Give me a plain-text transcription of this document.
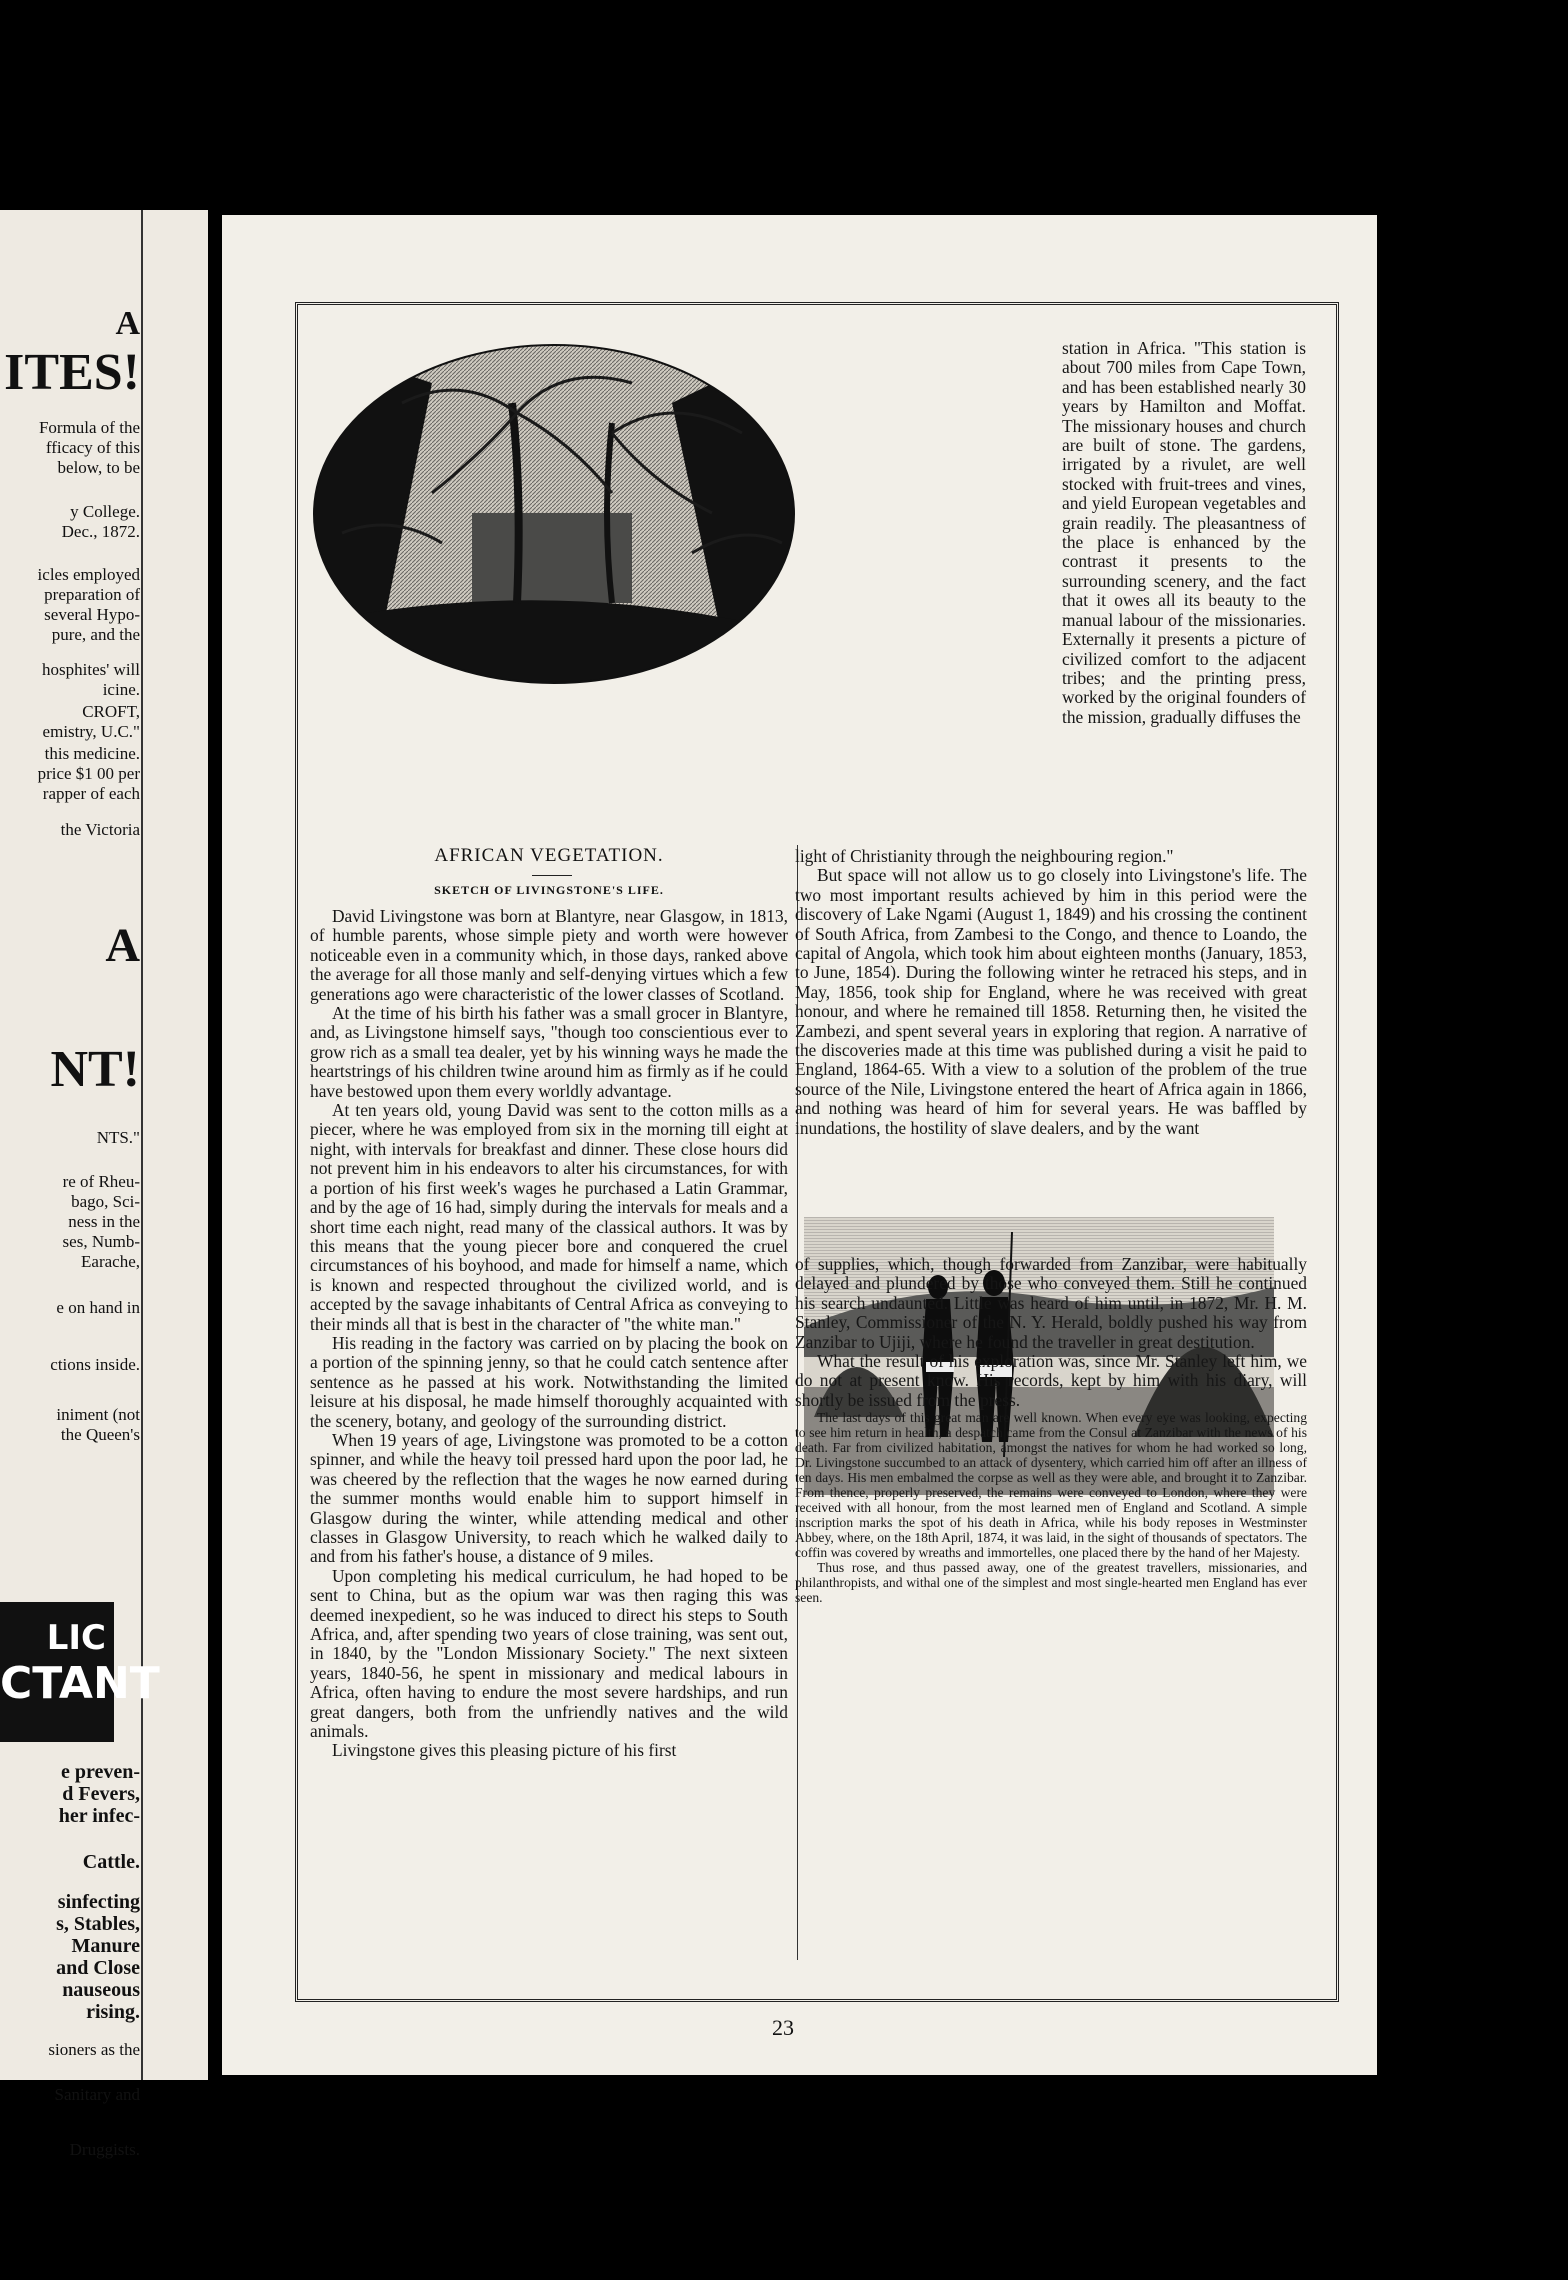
A
ITES!
Formula of the
fficacy of this
below, to be
y College.
Dec., 1872.
icles employed
preparation of
several Hypo-
pure, and the
hosphites' will
icine.
CROFT,
emistry, U.C."
this medicine.
price $1 00 per
rapper of each
the Victoria
A
NT!
NTS."
re of Rheu-
bago, Sci-
ness in the
ses, Numb-
Earache,
e on hand in
ctions inside.
iniment (not
the Queen's
e preven-
d Fevers,
her infec-
Cattle.
sinfecting
s, Stables,
Manure
and Close
nauseous
rising.
sioners as the
Sanitary and
Druggists.
LIC
CTANT
AFRICAN VEGETATION.
SKETCH OF LIVINGSTONE'S LIFE.

David Livingstone was born at Blantyre, near Glasgow, in 1813, of humble parents, whose simple piety and worth were however noticeable even in a community which, in those days, ranked above the average for all those manly and self-denying virtues which a few generations ago were characteristic of the lower classes of Scotland.

At the time of his birth his father was a small grocer in Blantyre, and, as Livingstone himself says, "though too conscientious ever to grow rich as a small tea dealer, yet by his winning ways he made the heartstrings of his children twine around him as firmly as if he could have bestowed upon them every worldly advantage.

At ten years old, young David was sent to the cotton mills as a piecer, where he was employed from six in the morning till eight at night, with intervals for breakfast and dinner. These close hours did not prevent him in his endeavors to alter his circumstances, for with a portion of his first week's wages he purchased a Latin Grammar, and by the age of 16 had, simply during the intervals for meals and a short time each night, read many of the classical authors. It was by this means that the young piecer bore and conquered the cruel circumstances of his boyhood, and made for himself a name, which is known and respected throughout the civilized world, and is accepted by the savage inhabitants of Central Africa as conveying to their minds all that is best in the character of "the white man."

His reading in the factory was carried on by placing the book on a portion of the spinning jenny, so that he could catch sentence after sentence as he passed at his work. Notwithstanding the limited leisure at his disposal, he made himself thoroughly acquainted with the scenery, botany, and geology of the surrounding district.

When 19 years of age, Livingstone was promoted to be a cotton spinner, and while the heavy toil pressed hard upon the poor lad, he was cheered by the reflection that the wages he now earned during the summer months would enable him to support himself in Glasgow during the winter, while attending medical and other classes in Glasgow University, to reach which he walked daily to and from his father's house, a distance of 9 miles.

Upon completing his medical curriculum, he had hoped to be sent to China, but as the opium war was then raging this was deemed inexpedient, so he was induced to direct his steps to South Africa, and, after spending two years of close training, was sent out, in 1840, by the "London Missionary Society." The next sixteen years, 1840-56, he spent in missionary and medical labours in Africa, often having to endure the most severe hardships, and run great dangers, both from the unfriendly natives and the wild animals.

Livingstone gives this pleasing picture of his first

station in Africa. "This station is about 700 miles from Cape Town, and has been established nearly 30 years by Hamilton and Moffat. The missionary houses and church are built of stone. The gardens, irrigated by a rivulet, are well stocked with fruit-trees and vines, and yield European vegetables and grain readily. The pleasantness of the place is enhanced by the contrast it presents to the surrounding scenery, and the fact that it owes all its beauty to the manual labour of the missionaries. Externally it presents a picture of civilized comfort to the adjacent tribes; and the printing press, worked by the original founders of the mission, gradually diffuses the

light of Christianity through the neighbouring region."

But space will not allow us to go closely into Livingstone's life. The two most important results achieved by him in this period were the discovery of Lake Ngami (August 1, 1849) and his crossing the continent of South Africa, from Zambesi to the Congo, and thence to Loando, the capital of Angola, which took him about eighteen months (January, 1853, to June, 1854). During the following winter he retraced his steps, and in May, 1856, took ship for England, where he was received with great honour, and where he remained till 1858. Returning then, he visited the Zambezi, and spent several years in exploring that region. A narrative of the discoveries made at this time was published during a visit he paid to England, 1864-65. With a view to a solution of the problem of the true source of the Nile, Livingstone entered the heart of Africa again in 1866, and nothing was heard of him for several years. He was baffled by inundations, the hostility of slave dealers, and by the want

of supplies, which, though forwarded from Zanzibar, were habitually delayed and plundered by those who conveyed them. Still he continued his search undaunted. Little was heard of him until, in 1872, Mr. H. M. Stanley, Commissioner of the N. Y. Herald, boldly pushed his way from Zanzibar to Ujiji, where he found the traveller in great destitution.

What the result of his exploration was, since Mr. Stanley left him, we do not at present know. His records, kept by him with his diary, will shortly be issued from the press.

The last days of this great man are well known. When every eye was looking, expecting to see him return in health, a despatch came from the Consul at Zanzibar with the news of his death. Far from civilized habitation, amongst the natives for whom he had worked so long, Dr. Livingstone succumbed to an attack of dysentery, which carried him off after an illness of ten days. His men embalmed the corpse as well as they were able, and brought it to Zanzibar. From thence, properly preserved, the remains were conveyed to London, where they were received with all honour, from the most learned men of England and Scotland. A simple inscription marks the spot of his death in Africa, while his body reposes in Westminster Abbey, where, on the 18th April, 1874, it was laid, in the sight of thousands of spectators. The coffin was covered by wreaths and immortelles, one placed there by the hand of her Majesty.

Thus rose, and thus passed away, one of the greatest travellers, missionaries, and philanthropists, and withal one of the simplest and most single-hearted men England has ever seen.

23
